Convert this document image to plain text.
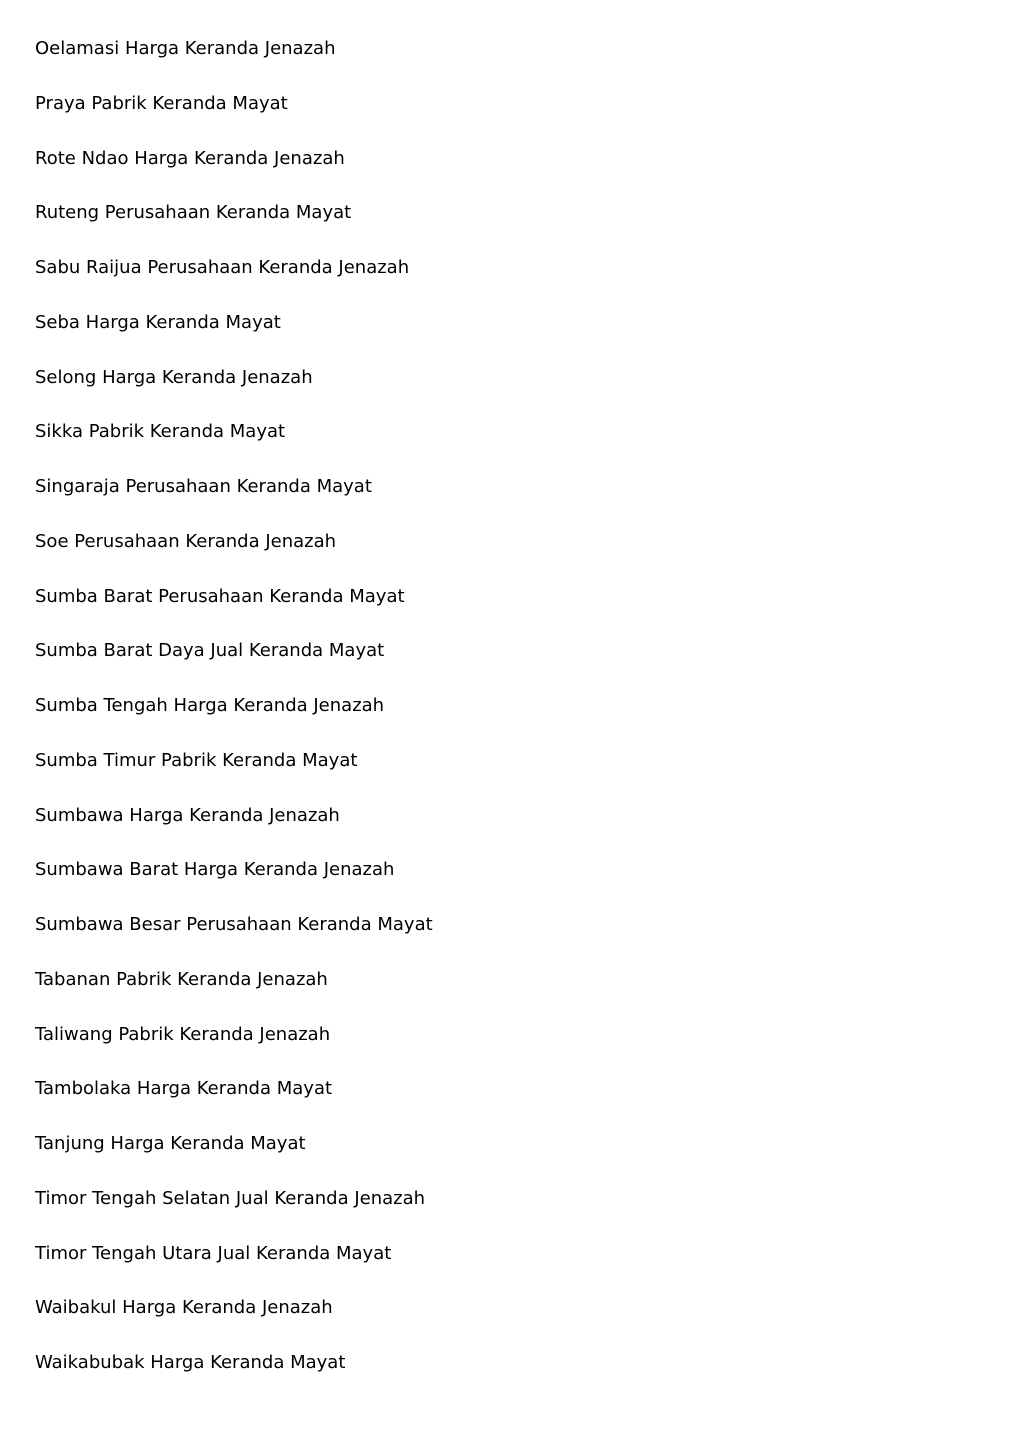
Oelamasi Harga Keranda Jenazah
Praya Pabrik Keranda Mayat
Rote Ndao Harga Keranda Jenazah
Ruteng Perusahaan Keranda Mayat
Sabu Raijua Perusahaan Keranda Jenazah
Seba Harga Keranda Mayat
Selong Harga Keranda Jenazah
Sikka Pabrik Keranda Mayat
Singaraja Perusahaan Keranda Mayat
Soe Perusahaan Keranda Jenazah
Sumba Barat Perusahaan Keranda Mayat
Sumba Barat Daya Jual Keranda Mayat
Sumba Tengah Harga Keranda Jenazah
Sumba Timur Pabrik Keranda Mayat
Sumbawa Harga Keranda Jenazah
Sumbawa Barat Harga Keranda Jenazah
Sumbawa Besar Perusahaan Keranda Mayat
Tabanan Pabrik Keranda Jenazah
Taliwang Pabrik Keranda Jenazah
Tambolaka Harga Keranda Mayat
Tanjung Harga Keranda Mayat
Timor Tengah Selatan Jual Keranda Jenazah
Timor Tengah Utara Jual Keranda Mayat
Waibakul Harga Keranda Jenazah
Waikabubak Harga Keranda Mayat
